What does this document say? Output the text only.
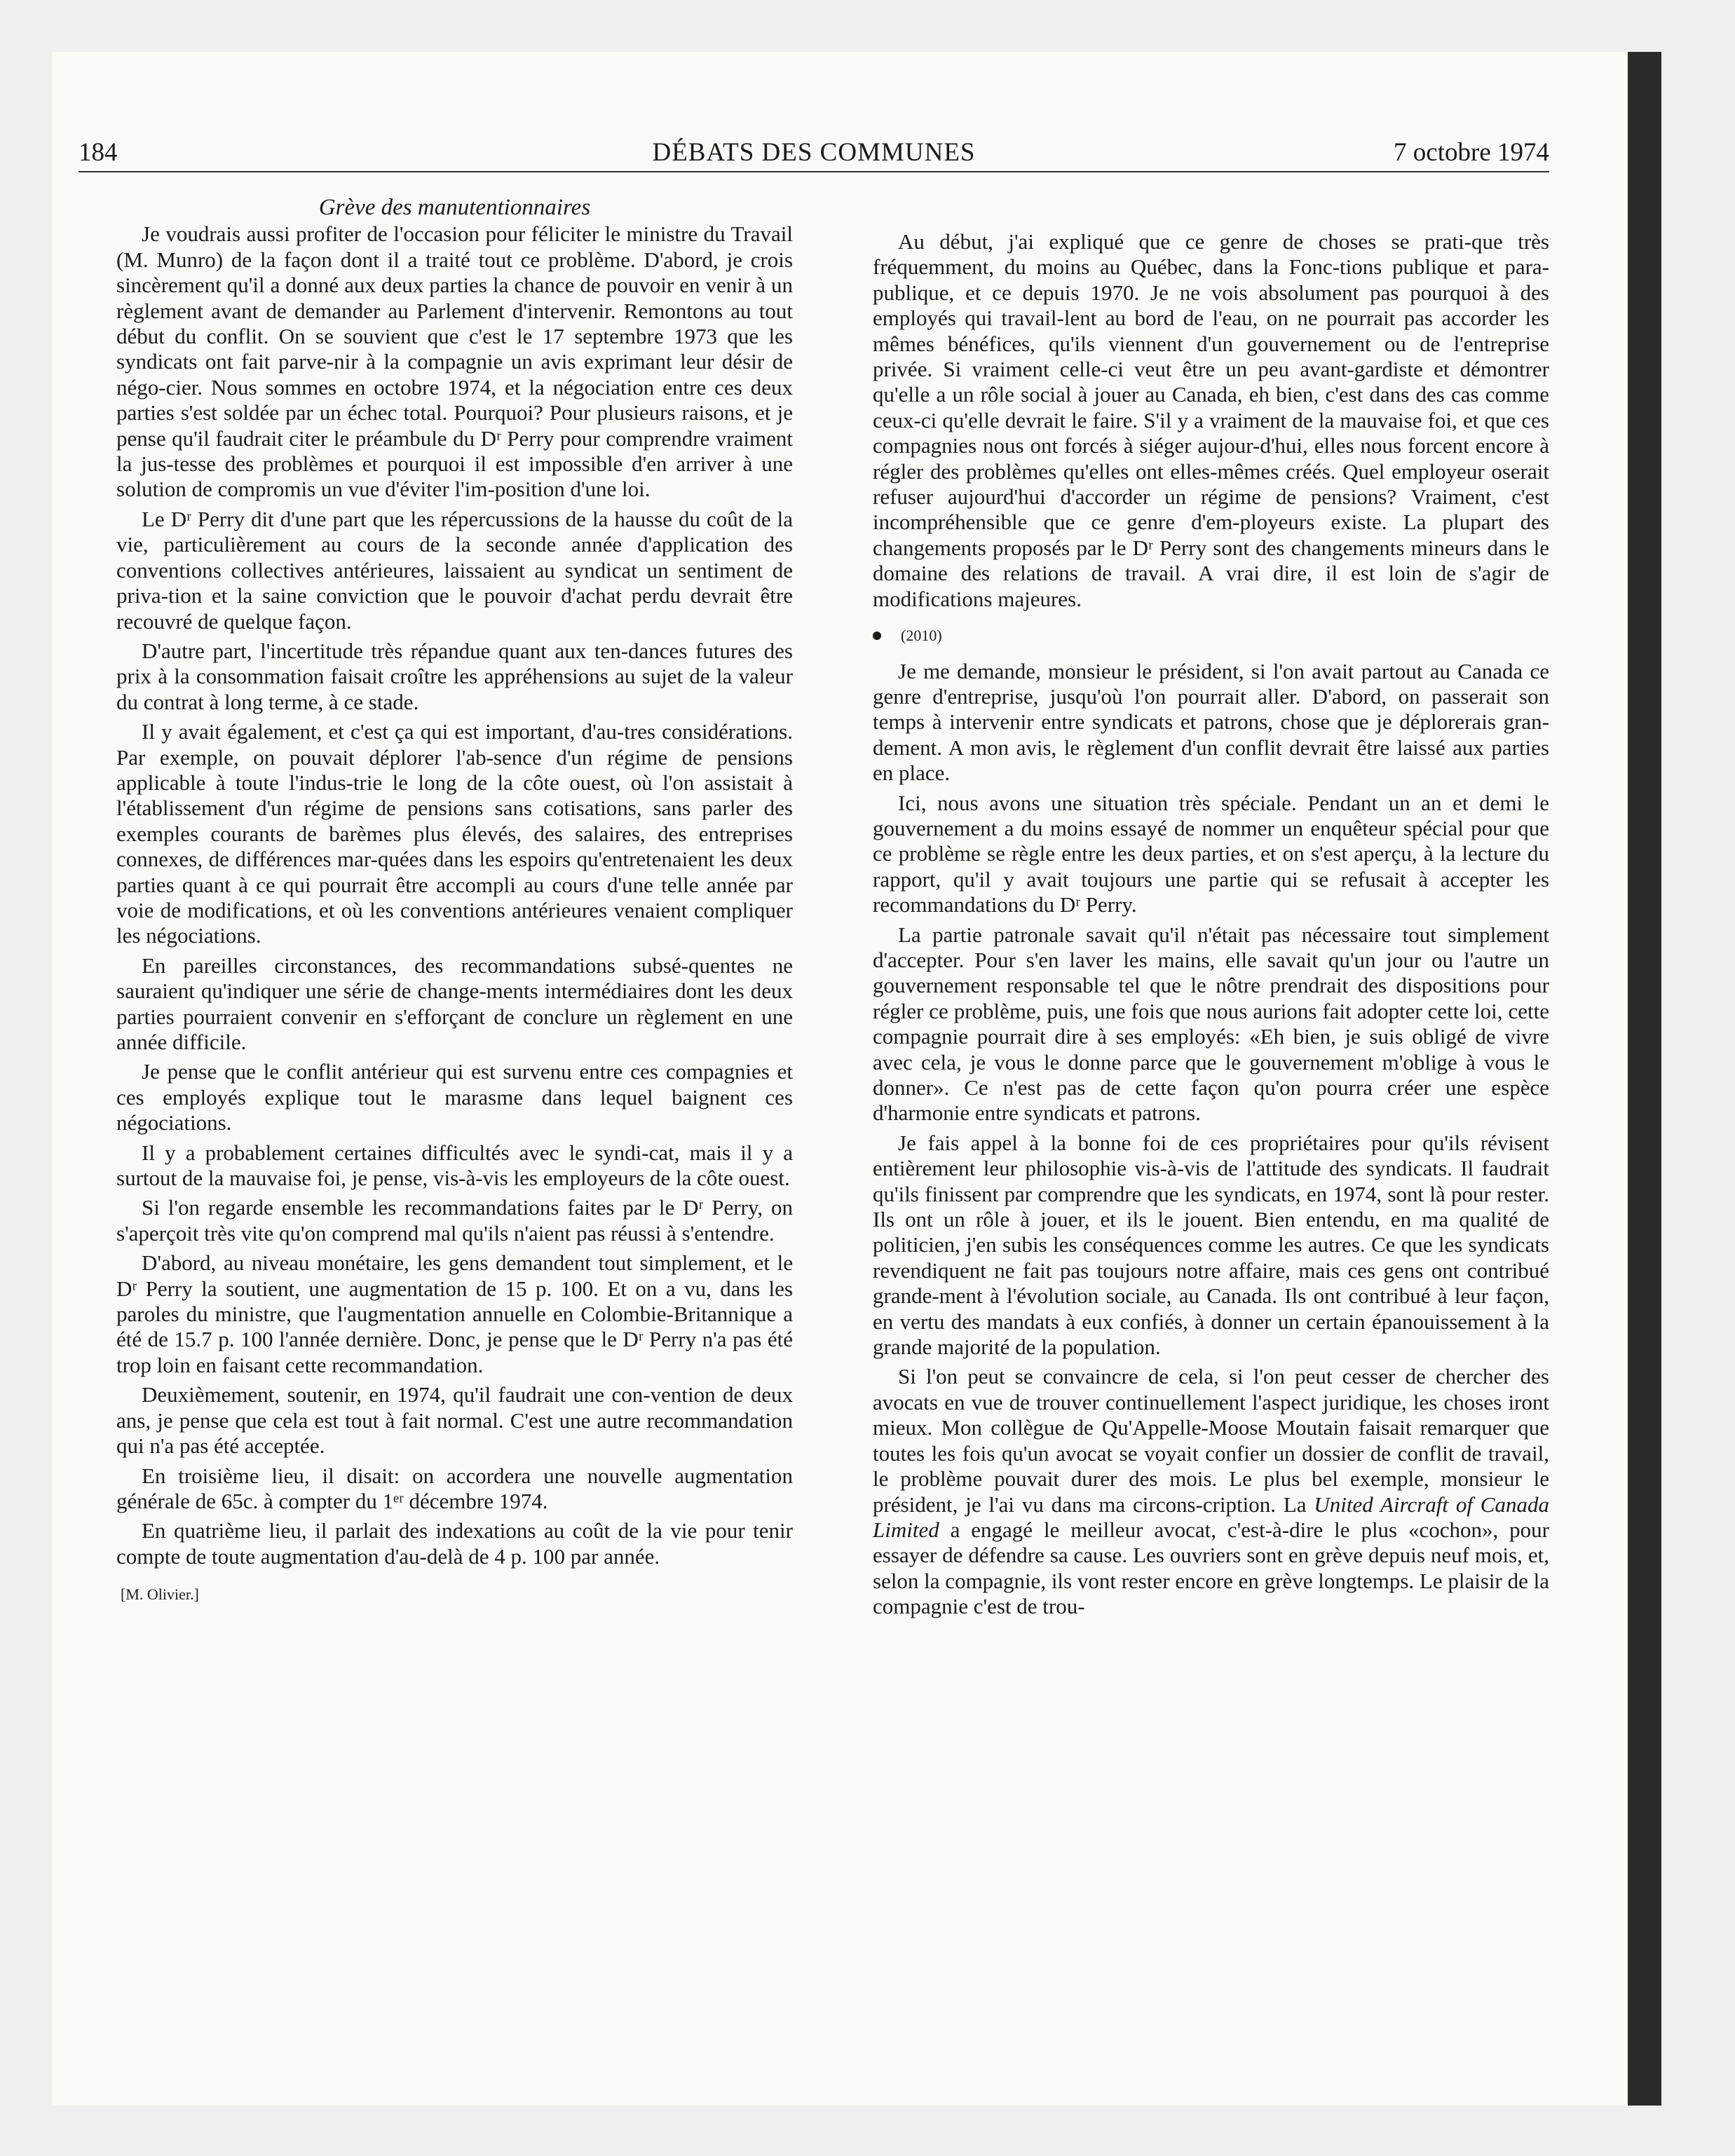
184	DÉBATS DES COMMUNES	7 octobre 1974
Grève des manutentionnaires

Je voudrais aussi profiter de l'occasion pour féliciter le ministre du Travail (M. Munro) de la façon dont il a traité tout ce problème. D'abord, je crois sincèrement qu'il a donné aux deux parties la chance de pouvoir en venir à un règlement avant de demander au Parlement d'intervenir. Remontons au tout début du conflit. On se souvient que c'est le 17 septembre 1973 que les syndicats ont fait parve-nir à la compagnie un avis exprimant leur désir de négo-cier. Nous sommes en octobre 1974, et la négociation entre ces deux parties s'est soldée par un échec total. Pourquoi? Pour plusieurs raisons, et je pense qu'il faudrait citer le préambule du Dʳ Perry pour comprendre vraiment la jus-tesse des problèmes et pourquoi il est impossible d'en arriver à une solution de compromis un vue d'éviter l'im-position d'une loi.

Le Dʳ Perry dit d'une part que les répercussions de la hausse du coût de la vie, particulièrement au cours de la seconde année d'application des conventions collectives antérieures, laissaient au syndicat un sentiment de priva-tion et la saine conviction que le pouvoir d'achat perdu devrait être recouvré de quelque façon.

D'autre part, l'incertitude très répandue quant aux ten-dances futures des prix à la consommation faisait croître les appréhensions au sujet de la valeur du contrat à long terme, à ce stade.

Il y avait également, et c'est ça qui est important, d'au-tres considérations. Par exemple, on pouvait déplorer l'ab-sence d'un régime de pensions applicable à toute l'indus-trie le long de la côte ouest, où l'on assistait à l'établissement d'un régime de pensions sans cotisations, sans parler des exemples courants de barèmes plus élevés, des salaires, des entreprises connexes, de différences mar-quées dans les espoirs qu'entretenaient les deux parties quant à ce qui pourrait être accompli au cours d'une telle année par voie de modifications, et où les conventions antérieures venaient compliquer les négociations.

En pareilles circonstances, des recommandations subsé-quentes ne sauraient qu'indiquer une série de change-ments intermédiaires dont les deux parties pourraient convenir en s'efforçant de conclure un règlement en une année difficile.

Je pense que le conflit antérieur qui est survenu entre ces compagnies et ces employés explique tout le marasme dans lequel baignent ces négociations.

Il y a probablement certaines difficultés avec le syndi-cat, mais il y a surtout de la mauvaise foi, je pense, vis-à-vis les employeurs de la côte ouest.

Si l'on regarde ensemble les recommandations faites par le Dʳ Perry, on s'aperçoit très vite qu'on comprend mal qu'ils n'aient pas réussi à s'entendre.

D'abord, au niveau monétaire, les gens demandent tout simplement, et le Dʳ Perry la soutient, une augmentation de 15 p. 100. Et on a vu, dans les paroles du ministre, que l'augmentation annuelle en Colombie-Britannique a été de 15.7 p. 100 l'année dernière. Donc, je pense que le Dʳ Perry n'a pas été trop loin en faisant cette recommandation.

Deuxièmement, soutenir, en 1974, qu'il faudrait une con-vention de deux ans, je pense que cela est tout à fait normal. C'est une autre recommandation qui n'a pas été acceptée.

En troisième lieu, il disait: on accordera une nouvelle augmentation générale de 65c. à compter du 1ᵉʳ décembre 1974.

En quatrième lieu, il parlait des indexations au coût de la vie pour tenir compte de toute augmentation d'au-delà de 4 p. 100 par année.

[M. Olivier.]

Au début, j'ai expliqué que ce genre de choses se prati-que très fréquemment, du moins au Québec, dans la Fonc-tions publique et para-publique, et ce depuis 1970. Je ne vois absolument pas pourquoi à des employés qui travail-lent au bord de l'eau, on ne pourrait pas accorder les mêmes bénéfices, qu'ils viennent d'un gouvernement ou de l'entreprise privée. Si vraiment celle-ci veut être un peu avant-gardiste et démontrer qu'elle a un rôle social à jouer au Canada, eh bien, c'est dans des cas comme ceux-ci qu'elle devrait le faire. S'il y a vraiment de la mauvaise foi, et que ces compagnies nous ont forcés à siéger aujour-d'hui, elles nous forcent encore à régler des problèmes qu'elles ont elles-mêmes créés. Quel employeur oserait refuser aujourd'hui d'accorder un régime de pensions? Vraiment, c'est incompréhensible que ce genre d'em-ployeurs existe. La plupart des changements proposés par le Dʳ Perry sont des changements mineurs dans le domaine des relations de travail. A vrai dire, il est loin de s'agir de modifications majeures.

(2010)

Je me demande, monsieur le président, si l'on avait partout au Canada ce genre d'entreprise, jusqu'où l'on pourrait aller. D'abord, on passerait son temps à intervenir entre syndicats et patrons, chose que je déplorerais gran-dement. A mon avis, le règlement d'un conflit devrait être laissé aux parties en place.

Ici, nous avons une situation très spéciale. Pendant un an et demi le gouvernement a du moins essayé de nommer un enquêteur spécial pour que ce problème se règle entre les deux parties, et on s'est aperçu, à la lecture du rapport, qu'il y avait toujours une partie qui se refusait à accepter les recommandations du Dʳ Perry.

La partie patronale savait qu'il n'était pas nécessaire tout simplement d'accepter. Pour s'en laver les mains, elle savait qu'un jour ou l'autre un gouvernement responsable tel que le nôtre prendrait des dispositions pour régler ce problème, puis, une fois que nous aurions fait adopter cette loi, cette compagnie pourrait dire à ses employés: «Eh bien, je suis obligé de vivre avec cela, je vous le donne parce que le gouvernement m'oblige à vous le donner». Ce n'est pas de cette façon qu'on pourra créer une espèce d'harmonie entre syndicats et patrons.

Je fais appel à la bonne foi de ces propriétaires pour qu'ils révisent entièrement leur philosophie vis-à-vis de l'attitude des syndicats. Il faudrait qu'ils finissent par comprendre que les syndicats, en 1974, sont là pour rester. Ils ont un rôle à jouer, et ils le jouent. Bien entendu, en ma qualité de politicien, j'en subis les conséquences comme les autres. Ce que les syndicats revendiquent ne fait pas toujours notre affaire, mais ces gens ont contribué grande-ment à l'évolution sociale, au Canada. Ils ont contribué à leur façon, en vertu des mandats à eux confiés, à donner un certain épanouissement à la grande majorité de la population.

Si l'on peut se convaincre de cela, si l'on peut cesser de chercher des avocats en vue de trouver continuellement l'aspect juridique, les choses iront mieux. Mon collègue de Qu'Appelle-Moose Moutain faisait remarquer que toutes les fois qu'un avocat se voyait confier un dossier de conflit de travail, le problème pouvait durer des mois. Le plus bel exemple, monsieur le président, je l'ai vu dans ma circons-cription. La United Aircraft of Canada Limited a engagé le meilleur avocat, c'est-à-dire le plus «cochon», pour essayer de défendre sa cause. Les ouvriers sont en grève depuis neuf mois, et, selon la compagnie, ils vont rester encore en grève longtemps. Le plaisir de la compagnie c'est de trou-
